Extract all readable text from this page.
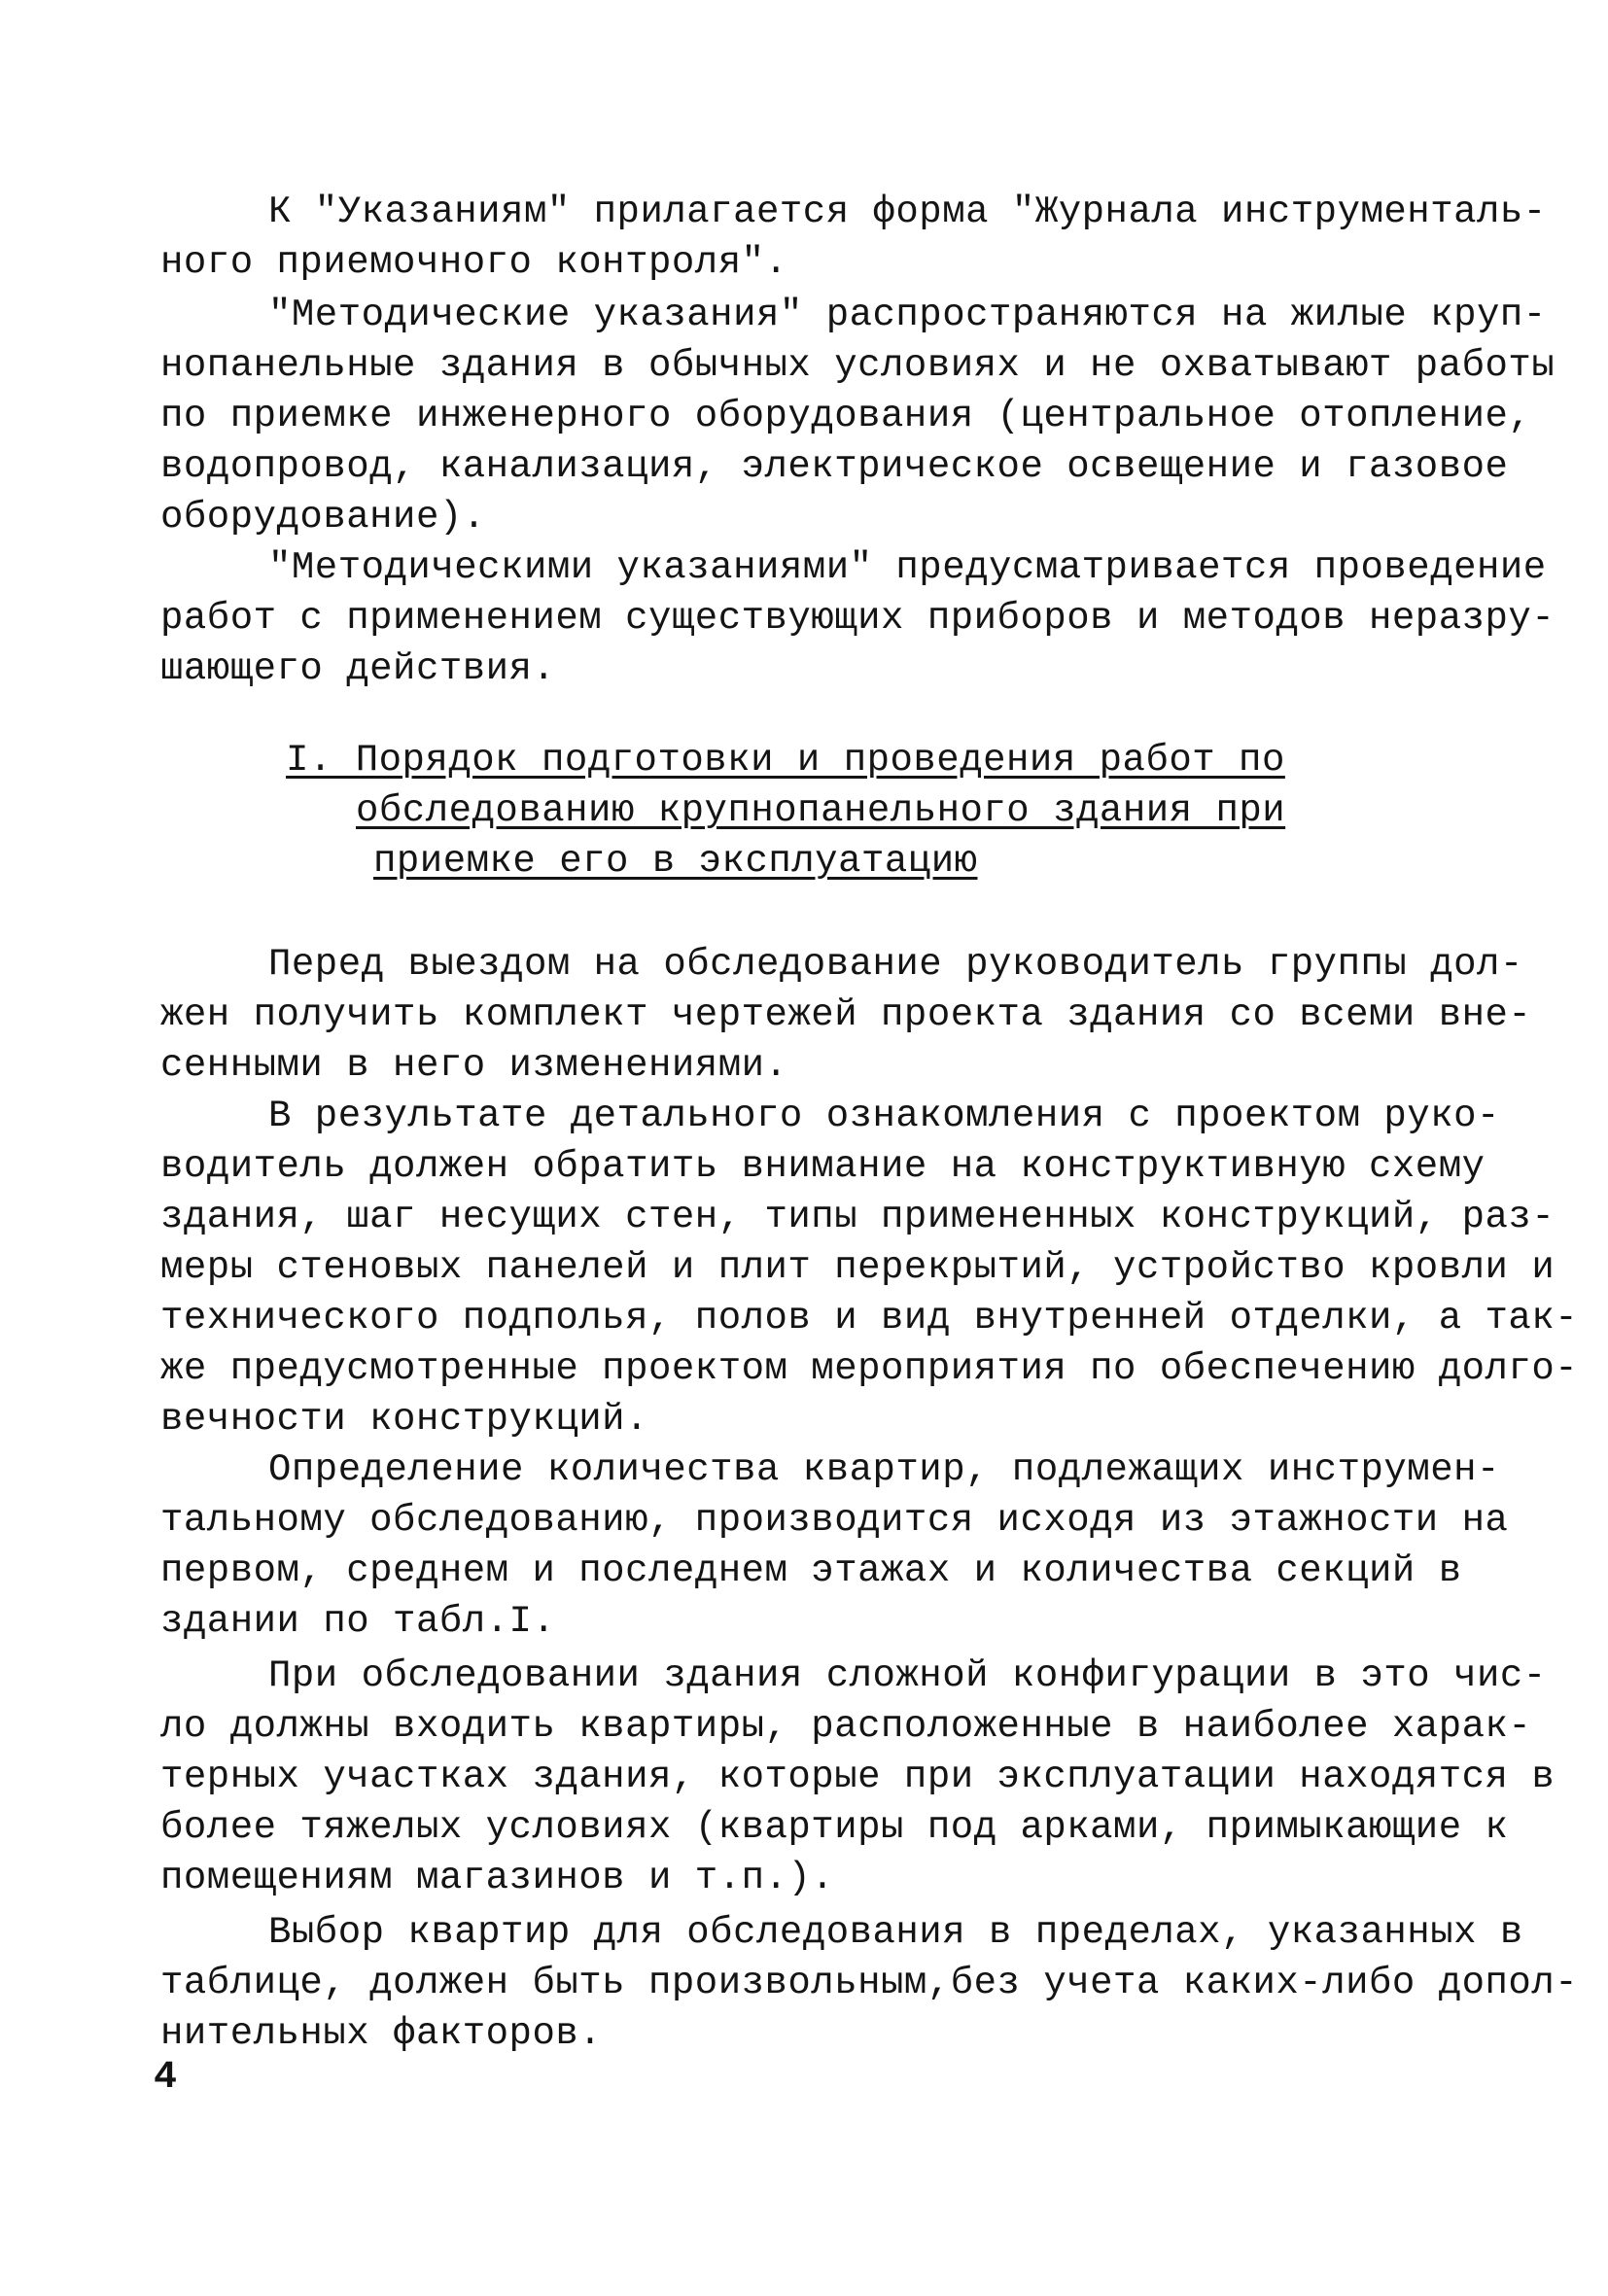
К "Указаниям" прилагается форма "Журнала инструменталь-
ного приемочного контроля".
"Методические указания" распространяются на жилые круп-
нопанельные здания в обычных условиях и не охватывают работы
по приемке инженерного оборудования (центральное отопление,
водопровод, канализация, электрическое освещение и газовое
оборудование).
"Методическими указаниями" предусматривается проведение
работ с применением существующих приборов и методов неразру-
шающего действия.
I. Порядок подготовки и проведения работ по
обследованию крупнопанельного здания при
приемке его в эксплуатацию
Перед выездом на обследование руководитель группы дол-
жен получить комплект чертежей проекта здания со всеми вне-
сенными в него изменениями.
В результате детального ознакомления с проектом руко-
водитель должен обратить внимание на конструктивную схему
здания, шаг несущих стен, типы примененных конструкций, раз-
меры стеновых панелей и плит перекрытий, устройство кровли и
технического подполья, полов и вид внутренней отделки, а так-
же предусмотренные проектом мероприятия по обеспечению долго-
вечности конструкций.
Определение количества квартир, подлежащих инструмен-
тальному обследованию, производится исходя из этажности на
первом, среднем и последнем этажах и количества секций в
здании по табл.I.
При обследовании здания сложной конфигурации в это чис-
ло должны входить квартиры, расположенные в наиболее харак-
терных участках здания, которые при эксплуатации находятся в
более тяжелых условиях (квартиры под арками, примыкающие к
помещениям магазинов и т.п.).
Выбор квартир для обследования в пределах, указанных в
таблице, должен быть произвольным,без учета каких-либо допол-
нительных факторов.
4
